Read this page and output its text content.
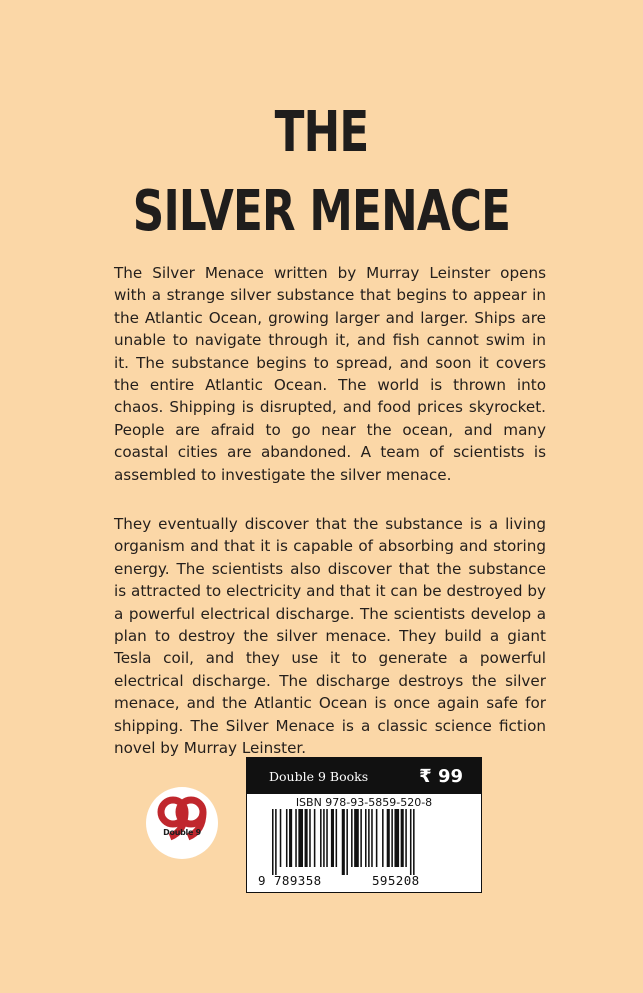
THE
SILVER MENACE

The Silver Menace written by Murray Leinster opens with a strange silver substance that begins to appear in the Atlantic Ocean, growing larger and larger. Ships are unable to navigate through it, and fish cannot swim in it. The substance begins to spread, and soon it covers the entire Atlantic Ocean. The world is thrown into chaos. Shipping is disrupted, and food prices skyrocket. People are afraid to go near the ocean, and many coastal cities are abandoned. A team of scientists is assembled to investigate the silver menace.

They eventually discover that the substance is a living organism and that it is capable of absorbing and storing energy. The scientists also discover that the substance is attracted to electricity and that it can be destroyed by a powerful electrical discharge. The scientists develop a plan to destroy the silver menace. They build a giant Tesla coil, and they use it to generate a powerful electrical discharge. The discharge destroys the silver menace, and the Atlantic Ocean is once again safe for shipping. The Silver Menace is a classic science fiction novel by Murray Leinster.

Double 9
Double 9 Books	₹ 99
ISBN 978-93-5859-520-8
9 789358	595208
